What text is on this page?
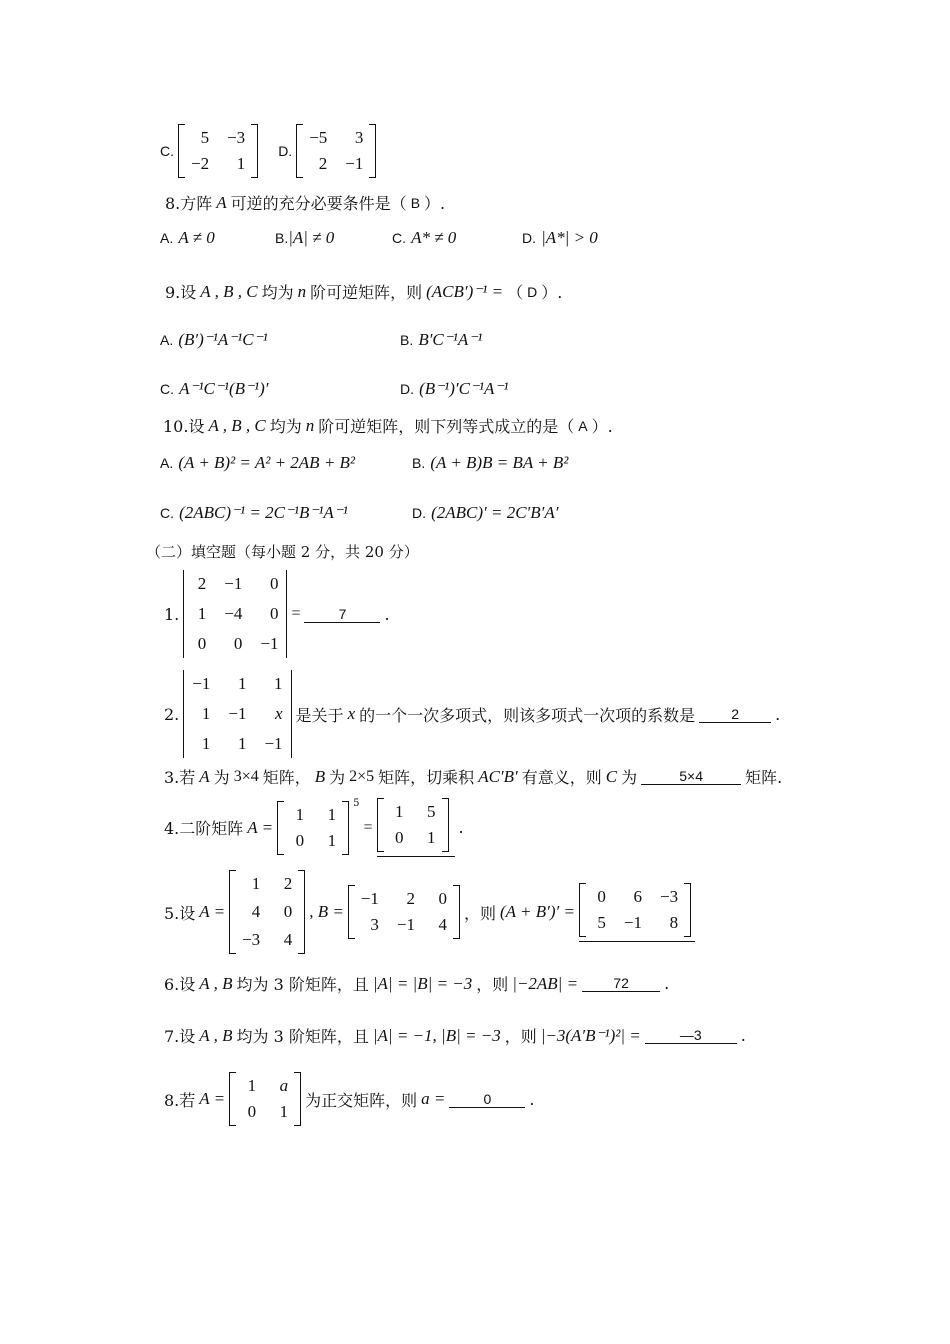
C.
5 −3
−2	1
D.
−5	3
2 −1
8.方阵 A 可逆的充分必要条件是（ B ）.
A. A ≠ 0	B.|A| ≠ 0	C. A* ≠ 0	D. |A*| > 0
9.设 A , B , C 均为 n 阶可逆矩阵，则 (ACB′)⁻¹ = （ D ）.
A. (B′)⁻¹A⁻¹C⁻¹	B. B′C⁻¹A⁻¹
C. A⁻¹C⁻¹(B⁻¹)′	D. (B⁻¹)′C⁻¹A⁻¹
10.设 A , B , C 均为 n 阶可逆矩阵，则下列等式成立的是（ A ）.
A. (A + B)² = A² + 2AB + B²	B. (A + B)B = BA + B²
C. (2ABC)⁻¹ = 2C⁻¹B⁻¹A⁻¹	D. (2ABC)′ = 2C′B′A′
（二）填空题（每小题 2 分，共 20 分）
1.
2 −1	0
1 −4	0
0	0 −1
=	7	.
2.
−1	1	1
1 −1	x
1	1 −1
是关于 x 的一个一次多项式，则该多项式一次项的系数是	2	.
3.若 A 为 3×4 矩阵， B 为 2×5 矩阵，切乘积 AC′B′ 有意义，则 C 为	5×4	矩阵.
4.二阶矩阵 A =
1	1
0	1
5
=
1	5
0	1
.
5.设 A =
1	2
4	0
−3	4
, B =
−1	2	0
3 −1	4
，则 (A + B′)′ =
0	6 −3
5 −1	8
6.设 A , B 均为 3 阶矩阵，且 |A| = |B| = −3 ，则 |−2AB| =	72	.
7.设 A , B 均为 3 阶矩阵，且 |A| = −1, |B| = −3 ，则 |−3(A′B⁻¹)²| =	—3	.
8.若 A =
1	a
0	1
为正交矩阵，则 a =	0	.
